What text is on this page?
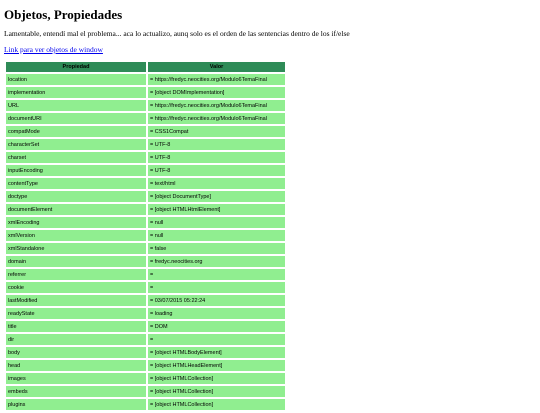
Objetos, Propiedades

Lamentable, entendí mal el problema... aca lo actualizo, aunq solo es el orden de las sentencias dentro de los if/else

Link para ver objetos de window
Propiedad	Valor
location	= https://fredyc.neocities.org/Modulo6TemaFinal
implementation	= [object DOMImplementation]
URL	= https://fredyc.neocities.org/Modulo6TemaFinal
documentURI	= https://fredyc.neocities.org/Modulo6TemaFinal
compatMode	= CSS1Compat
characterSet	= UTF-8
charset	= UTF-8
inputEncoding	= UTF-8
contentType	= text/html
doctype	= [object DocumentType]
documentElement	= [object HTMLHtmlElement]
xmlEncoding	= null
xmlVersion	= null
xmlStandalone	= false
domain	= fredyc.neocities.org
referrer	=
cookie	=
lastModified	= 03/07/2015 05:22:24
readyState	= loading
title	= DOM
dir	=
body	= [object HTMLBodyElement]
head	= [object HTMLHeadElement]
images	= [object HTMLCollection]
embeds	= [object HTMLCollection]
plugins	= [object HTMLCollection]
